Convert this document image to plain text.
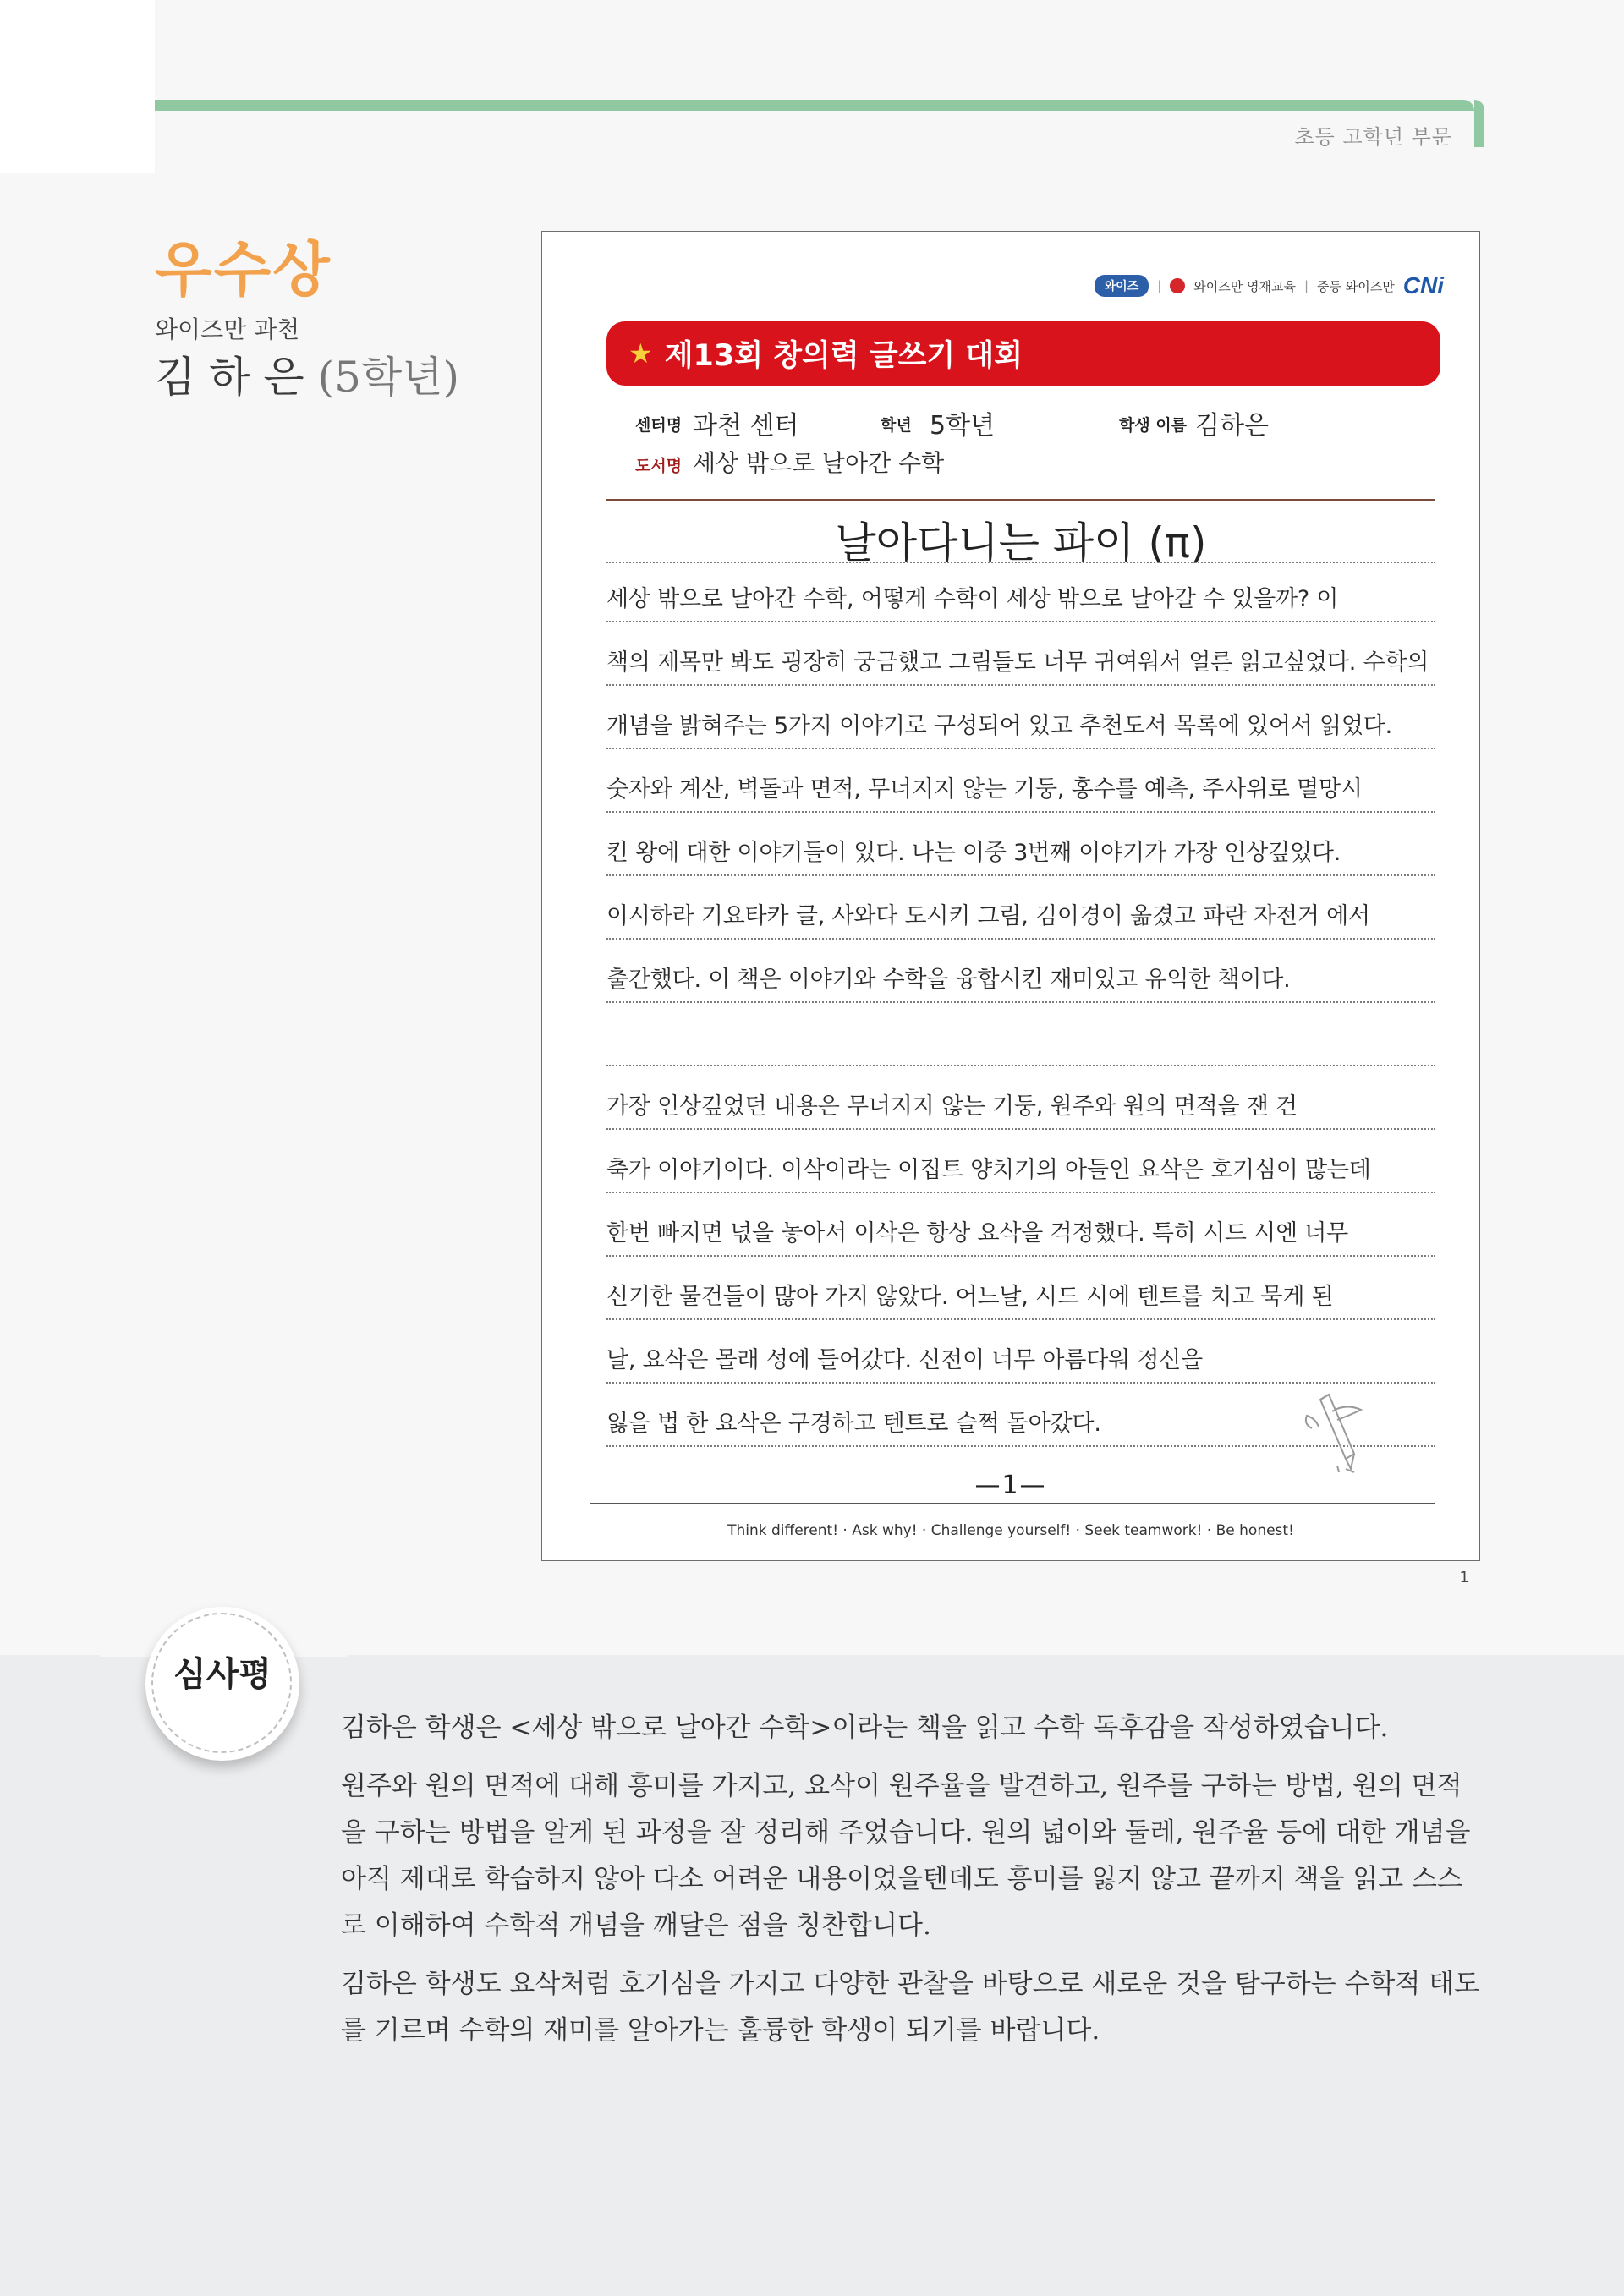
초등 고학년 부문
우수상
와이즈만 과천
김 하 은 (5학년)
와이즈	|	와이즈만 영재교육 | 중등 와이즈만 CNi
★ 제13회 창의력 글쓰기 대회
센터명 과천 센터	학년 5학년	학생 이름 김하은
도서명 세상 밖으로 날아간 수학
날아다니는 파이 (π)
세상 밖으로 날아간 수학, 어떻게 수학이 세상 밖으로 날아갈 수 있을까? 이
책의 제목만 봐도 굉장히 궁금했고 그림들도 너무 귀여워서 얼른 읽고싶었다. 수학의
개념을 밝혀주는 5가지 이야기로 구성되어 있고 추천도서 목록에 있어서 읽었다.
숫자와 계산, 벽돌과 면적, 무너지지 않는 기둥, 홍수를 예측, 주사위로 멸망시
킨 왕에 대한 이야기들이 있다. 나는 이중 3번째 이야기가 가장 인상깊었다.
이시하라 기요타카 글, 사와다 도시키 그림, 김이경이 옮겼고 파란 자전거 에서
출간했다. 이 책은 이야기와 수학을 융합시킨 재미있고 유익한 책이다.
가장 인상깊었던 내용은 무너지지 않는 기둥, 원주와 원의 면적을 잰 건
축가 이야기이다. 이삭이라는 이집트 양치기의 아들인 요삭은 호기심이 많는데
한번 빠지면 넋을 놓아서 이삭은 항상 요삭을 걱정했다. 특히 시드 시엔 너무
신기한 물건들이 많아 가지 않았다. 어느날, 시드 시에 텐트를 치고 묵게 된
날, 요삭은 몰래 성에 들어갔다. 신전이 너무 아름다워 정신을
잃을 법 한 요삭은 구경하고 텐트로 슬쩍 돌아갔다.
—1—
Think different! · Ask why! · Challenge yourself! · Seek teamwork! · Be honest!
1
심사평

김하은 학생은 <세상 밖으로 날아간 수학>이라는 책을 읽고 수학 독후감을 작성하였습니다.

원주와 원의 면적에 대해 흥미를 가지고, 요삭이 원주율을 발견하고, 원주를 구하는 방법, 원의 면적을 구하는 방법을 알게 된 과정을 잘 정리해 주었습니다. 원의 넓이와 둘레, 원주율 등에 대한 개념을 아직 제대로 학습하지 않아 다소 어려운 내용이었을텐데도 흥미를 잃지 않고 끝까지 책을 읽고 스스로 이해하여 수학적 개념을 깨달은 점을 칭찬합니다.

김하은 학생도 요삭처럼 호기심을 가지고 다양한 관찰을 바탕으로 새로운 것을 탐구하는 수학적 태도를 기르며 수학의 재미를 알아가는 훌륭한 학생이 되기를 바랍니다.
